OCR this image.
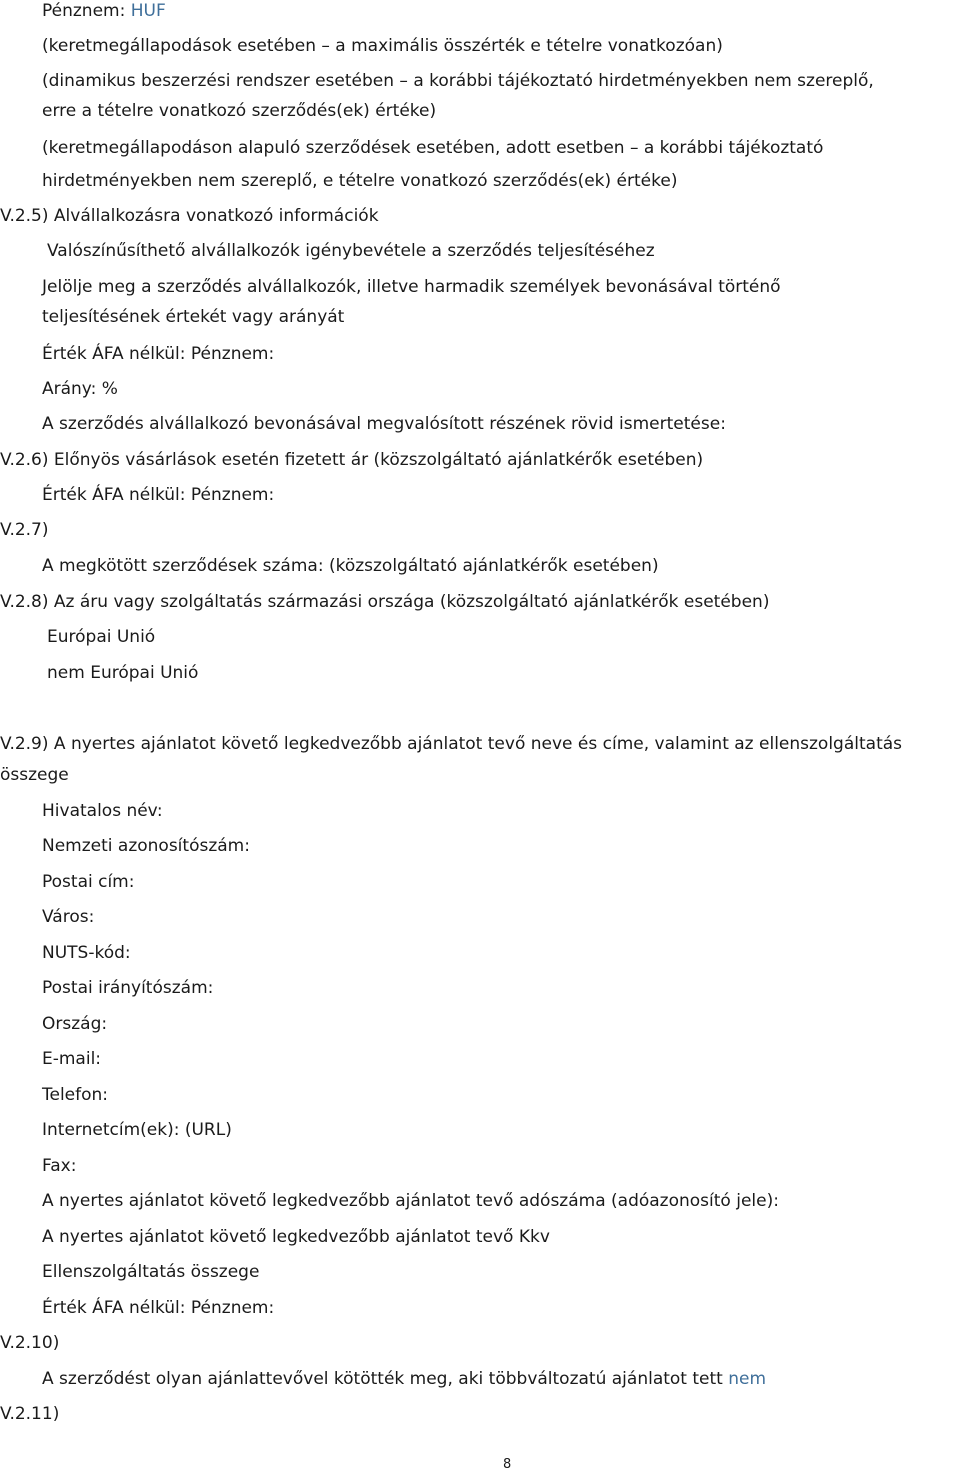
Pénznem: HUF
(keretmegállapodások esetében – a maximális összérték e tételre vonatkozóan)
(dinamikus beszerzési rendszer esetében – a korábbi tájékoztató hirdetményekben nem szereplő,
erre a tételre vonatkozó szerződés(ek) értéke)
(keretmegállapodáson alapuló szerződések esetében, adott esetben – a korábbi tájékoztató
hirdetményekben nem szereplő, e tételre vonatkozó szerződés(ek) értéke)
V.2.5) Alvállalkozásra vonatkozó információk
Valószínűsíthető alvállalkozók igénybevétele a szerződés teljesítéséhez
Jelölje meg a szerződés alvállalkozók, illetve harmadik személyek bevonásával történő
teljesítésének értekét vagy arányát
Érték ÁFA nélkül: Pénznem:
Arány: %
A szerződés alvállalkozó bevonásával megvalósított részének rövid ismertetése:
V.2.6) Előnyös vásárlások esetén fizetett ár (közszolgáltató ajánlatkérők esetében)
Érték ÁFA nélkül: Pénznem:
V.2.7)
A megkötött szerződések száma: (közszolgáltató ajánlatkérők esetében)
V.2.8) Az áru vagy szolgáltatás származási országa (közszolgáltató ajánlatkérők esetében)
Európai Unió
nem Európai Unió
V.2.9) A nyertes ajánlatot követő legkedvezőbb ajánlatot tevő neve és címe, valamint az ellenszolgáltatás
összege
Hivatalos név:
Nemzeti azonosítószám:
Postai cím:
Város:
NUTS-kód:
Postai irányítószám:
Ország:
E-mail:
Telefon:
Internetcím(ek): (URL)
Fax:
A nyertes ajánlatot követő legkedvezőbb ajánlatot tevő adószáma (adóazonosító jele):
A nyertes ajánlatot követő legkedvezőbb ajánlatot tevő Kkv
Ellenszolgáltatás összege
Érték ÁFA nélkül: Pénznem:
V.2.10)
A szerződést olyan ajánlattevővel kötötték meg, aki többváltozatú ajánlatot tett nem
V.2.11)
8
